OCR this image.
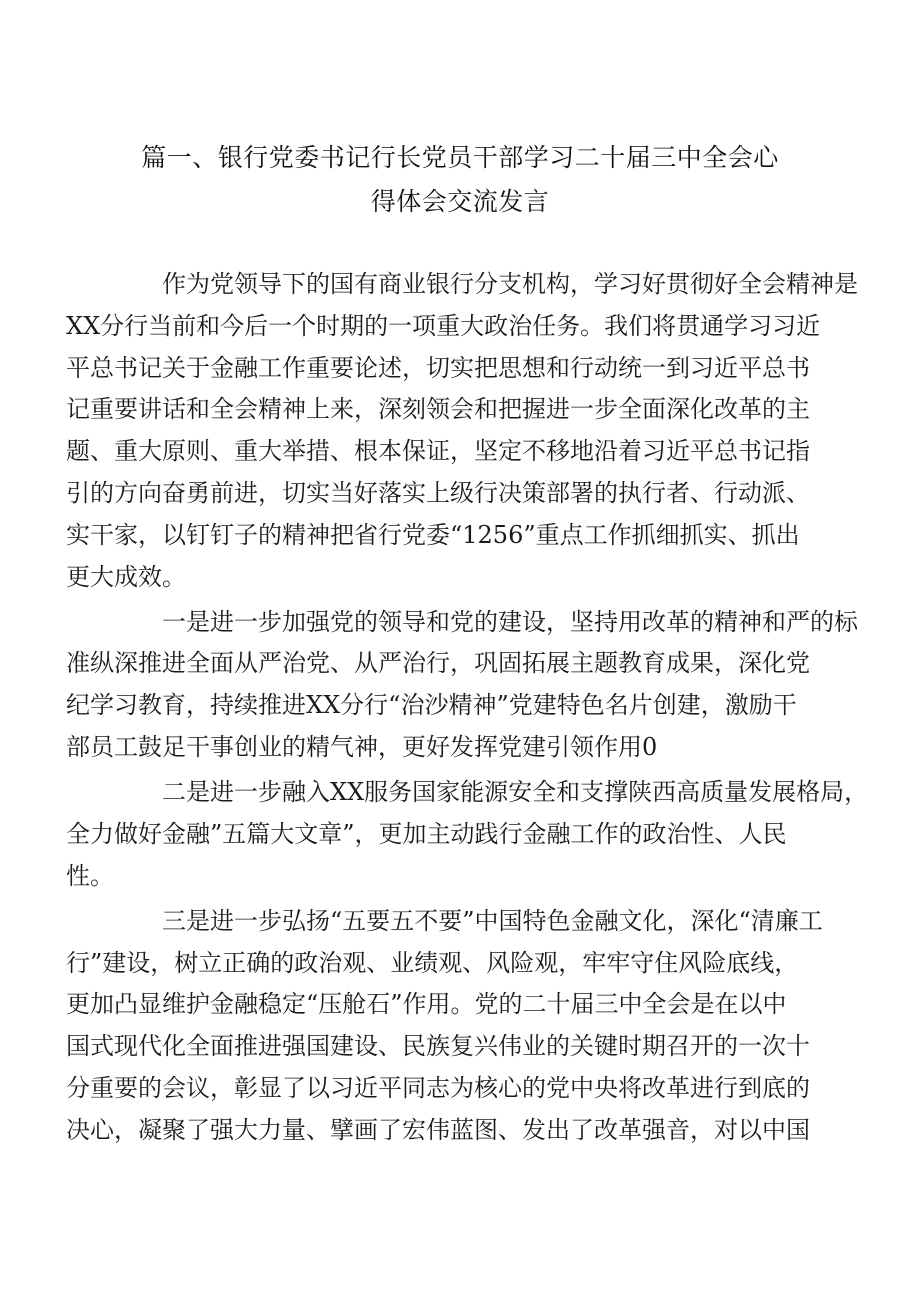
篇一、银行党委书记行长党员干部学习二十届三中全会心
得体会交流发言
作为党领导下的国有商业银行分支机构，学习好贯彻好全会精神是
XX分行当前和今后一个时期的一项重大政治任务。我们将贯通学习习近
平总书记关于金融工作重要论述，切实把思想和行动统一到习近平总书
记重要讲话和全会精神上来，深刻领会和把握进一步全面深化改革的主
题、重大原则、重大举措、根本保证，坚定不移地沿着习近平总书记指
引的方向奋勇前进，切实当好落实上级行决策部署的执行者、行动派、
实干家，以钉钉子的精神把省行党委“1256”重点工作抓细抓实、抓出
更大成效。
一是进一步加强党的领导和党的建设，坚持用改革的精神和严的标
准纵深推进全面从严治党、从严治行，巩固拓展主题教育成果，深化党
纪学习教育，持续推进XX分行“治沙精神”党建特色名片创建，激励干
部员工鼓足干事创业的精气神，更好发挥党建引领作用0
二是进一步融入XX服务国家能源安全和支撑陕西高质量发展格局，
全力做好金融”五篇大文章”，更加主动践行金融工作的政治性、人民
性。
三是进一步弘扬“五要五不要”中国特色金融文化，深化“清廉工
行”建设，树立正确的政治观、业绩观、风险观，牢牢守住风险底线，
更加凸显维护金融稳定“压舱石”作用。党的二十届三中全会是在以中
国式现代化全面推进强国建设、民族复兴伟业的关键时期召开的一次十
分重要的会议，彰显了以习近平同志为核心的党中央将改革进行到底的
决心，凝聚了强大力量、擘画了宏伟蓝图、发出了改革强音，对以中国
